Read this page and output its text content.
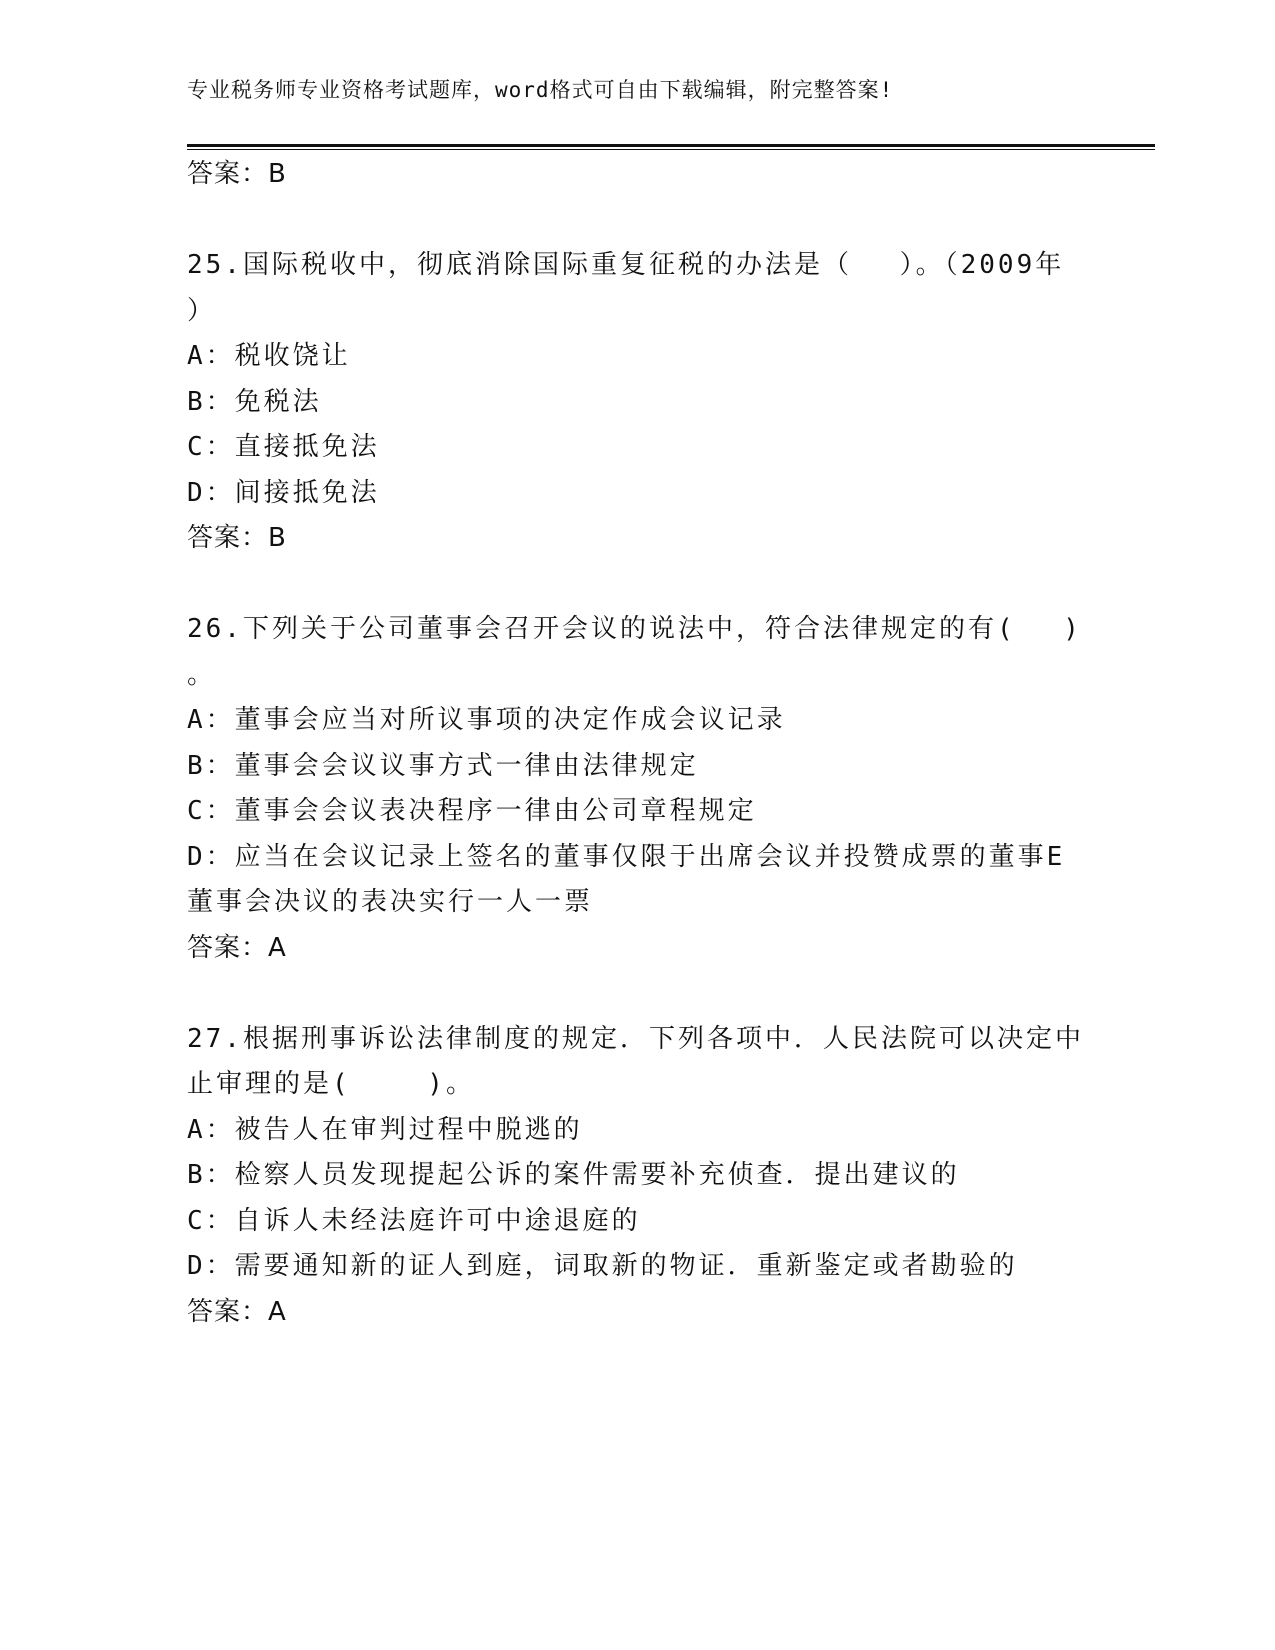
专业税务师专业资格考试题库，word格式可自由下载编辑，附完整答案!
答案：B
25.国际税收中，彻底消除国际重复征税的办法是（　 ）。（2009年
）
A：税收饶让
B：免税法
C：直接抵免法
D：间接抵免法
答案：B
26.下列关于公司董事会召开会议的说法中，符合法律规定的有(　 )
。
A：董事会应当对所议事项的决定作成会议记录
B：董事会会议议事方式一律由法律规定
C：董事会会议表决程序一律由公司章程规定
D：应当在会议记录上签名的董事仅限于出席会议并投赞成票的董事E
董事会决议的表决实行一人一票
答案：A
27.根据刑事诉讼法律制度的规定．下列各项中．人民法院可以决定中
止审理的是(　　 )。
A：被告人在审判过程中脱逃的
B：检察人员发现提起公诉的案件需要补充侦查．提出建议的
C：自诉人未经法庭许可中途退庭的
D：需要通知新的证人到庭，词取新的物证．重新鉴定或者勘验的
答案：A
